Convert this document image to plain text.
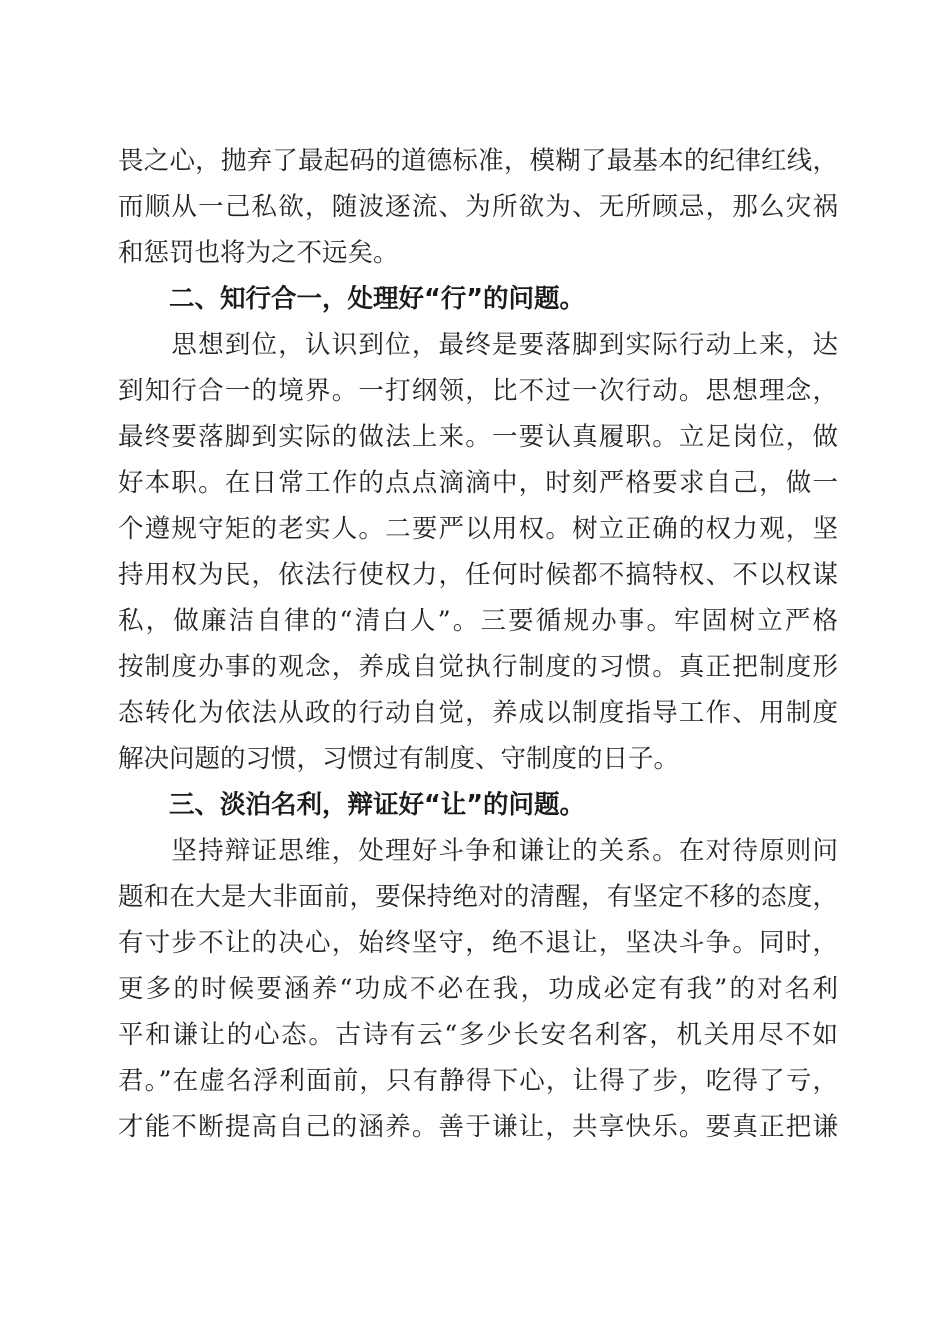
畏之心，抛弃了最起码的道德标准，模糊了最基本的纪律红线，
而顺从一己私欲，随波逐流、为所欲为、无所顾忌，那么灾祸
和惩罚也将为之不远矣。
　　二、知行合一，处理好“行”的问题。
　　思想到位，认识到位，最终是要落脚到实际行动上来，达
到知行合一的境界。一打纲领，比不过一次行动。思想理念，
最终要落脚到实际的做法上来。一要认真履职。立足岗位，做
好本职。在日常工作的点点滴滴中，时刻严格要求自己，做一
个遵规守矩的老实人。二要严以用权。树立正确的权力观，坚
持用权为民，依法行使权力，任何时候都不搞特权、不以权谋
私，做廉洁自律的“清白人”。三要循规办事。牢固树立严格
按制度办事的观念，养成自觉执行制度的习惯。真正把制度形
态转化为依法从政的行动自觉，养成以制度指导工作、用制度
解决问题的习惯，习惯过有制度、守制度的日子。
　　三、淡泊名利，辩证好“让”的问题。
　　坚持辩证思维，处理好斗争和谦让的关系。在对待原则问
题和在大是大非面前，要保持绝对的清醒，有坚定不移的态度，
有寸步不让的决心，始终坚守，绝不退让，坚决斗争。同时，
更多的时候要涵养“功成不必在我，功成必定有我”的对名利
平和谦让的心态。古诗有云“多少长安名利客，机关用尽不如
君。”在虚名浮利面前，只有静得下心，让得了步，吃得了亏，
才能不断提高自己的涵养。善于谦让，共享快乐。要真正把谦
